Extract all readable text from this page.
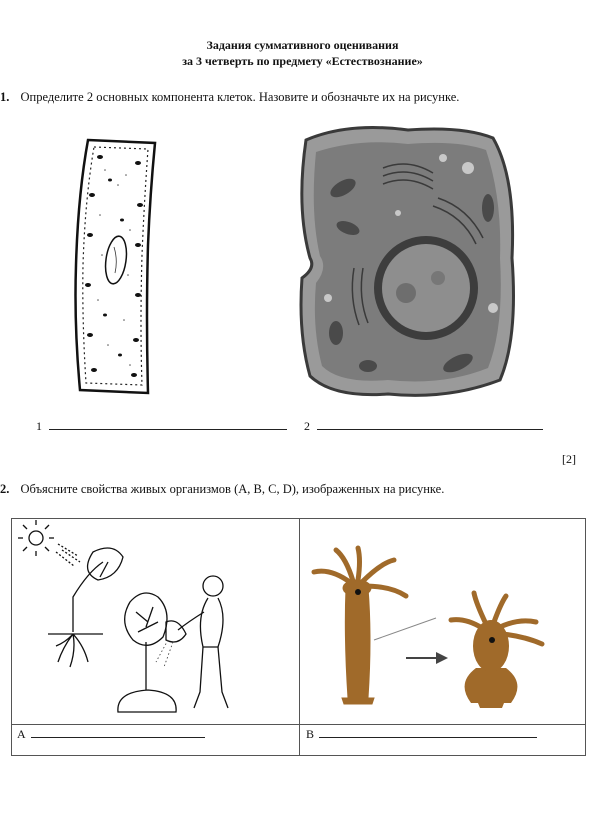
Задания суммативного оценивания
за 3 четверть по предмету «Естествознание»
1. Определите 2 основных компонента клеток. Назовите и обозначьте их на рисунке.
1	2
[2]
2. Объясните свойства живых организмов (A, B, C, D), изображенных на рисунке.
A	B
